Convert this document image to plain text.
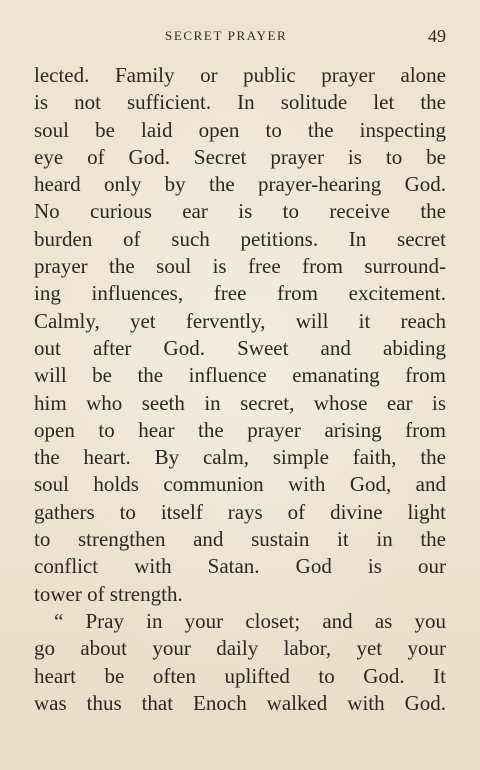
SECRET PRAYER	49
lected. Family or public prayer alone
is not sufficient. In solitude let the
soul be laid open to the inspecting
eye of God. Secret prayer is to be
heard only by the prayer-hearing God.
No curious ear is to receive the
burden of such petitions. In secret
prayer the soul is free from surround-
ing influences, free from excitement.
Calmly, yet fervently, will it reach
out after God. Sweet and abiding
will be the influence emanating from
him who seeth in secret, whose ear is
open to hear the prayer arising from
the heart. By calm, simple faith, the
soul holds communion with God, and
gathers to itself rays of divine light
to strengthen and sustain it in the
conflict with Satan. God is our
tower of strength.
“ Pray in your closet; and as you
go about your daily labor, yet your
heart be often uplifted to God. It
was thus that Enoch walked with God.
